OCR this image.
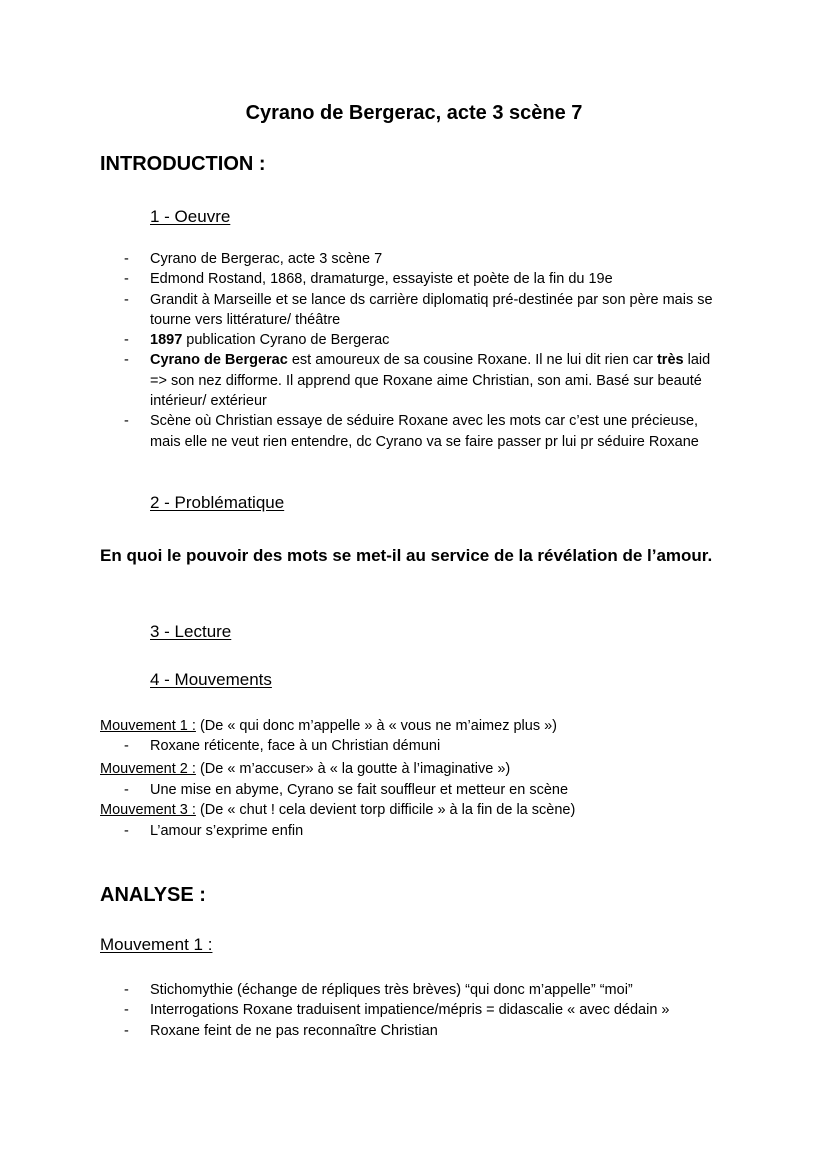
Cyrano de Bergerac, acte 3 scène 7
INTRODUCTION :
1 - Oeuvre
- Cyrano de Bergerac, acte 3 scène 7
- Edmond Rostand, 1868, dramaturge, essayiste et poète de la fin du 19e
- Grandit à Marseille et se lance ds carrière diplomatiq pré-destinée par son père mais se tourne vers littérature/ théâtre
- 1897 publication Cyrano de Bergerac
- Cyrano de Bergerac est amoureux de sa cousine Roxane. Il ne lui dit rien car très laid => son nez difforme. Il apprend que Roxane aime Christian, son ami. Basé sur beauté intérieur/ extérieur
- Scène où Christian essaye de séduire Roxane avec les mots car c’est une précieuse, mais elle ne veut rien entendre, dc Cyrano va se faire passer pr lui pr séduire Roxane
2 - Problématique
En quoi le pouvoir des mots se met-il au service de la révélation de l’amour.
3 - Lecture
4 - Mouvements
Mouvement 1 : (De « qui donc m’appelle » à « vous ne m’aimez plus »)
- Roxane réticente, face à un Christian démuni
Mouvement 2 : (De « m’accuser» à « la goutte à l’imaginative »)
- Une mise en abyme, Cyrano se fait souffleur et metteur en scène
Mouvement 3 : (De « chut ! cela devient torp difficile » à la fin de la scène)
- L’amour s’exprime enfin
ANALYSE :
Mouvement 1 :
- Stichomythie (échange de répliques très brèves) “qui donc m’appelle” “moi”
- Interrogations Roxane traduisent impatience/mépris = didascalie « avec dédain »
- Roxane feint de ne pas reconnaître Christian
